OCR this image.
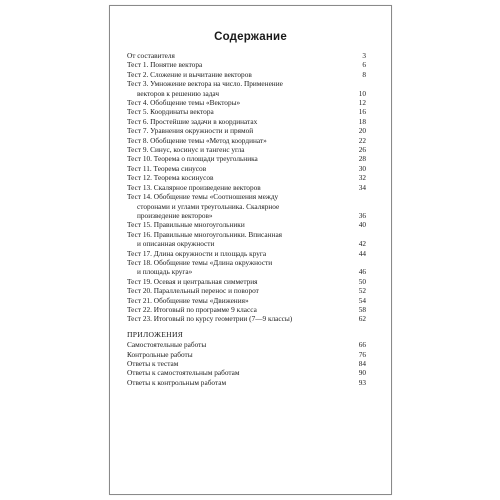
Содержание
От составителя	3
Тест 1. Понятие вектора	6
Тест 2. Сложение и вычитание векторов	8
Тест 3. Умножение вектора на число. Применение
векторов к решению задач	10
Тест 4. Обобщение темы «Векторы»	12
Тест 5. Координаты вектора	16
Тест 6. Простейшие задачи в координатах	18
Тест 7. Уравнения окружности и прямой	20
Тест 8. Обобщение темы «Метод координат»	22
Тест 9. Синус, косинус и тангенс угла	26
Тест 10. Теорема о площади треугольника	28
Тест 11. Теорема синусов	30
Тест 12. Теорема косинусов	32
Тест 13. Скалярное произведение векторов	34
Тест 14. Обобщение темы «Соотношения между
сторонами и углами треугольника. Скалярное
произведение векторов»	36
Тест 15. Правильные многоугольники	40
Тест 16. Правильные многоугольники. Вписанная
и описанная окружности	42
Тест 17. Длина окружности и площадь круга	44
Тест 18. Обобщение темы «Длина окружности
и площадь круга»	46
Тест 19. Осевая и центральная симметрия	50
Тест 20. Параллельный перенос и поворот	52
Тест 21. Обобщение темы «Движения»	54
Тест 22. Итоговый по программе 9 класса	58
Тест 23. Итоговый по курсу геометрии (7—9 классы)	62
ПРИЛОЖЕНИЯ
Самостоятельные работы	66
Контрольные работы	76
Ответы к тестам	84
Ответы к самостоятельным работам	90
Ответы к контрольным работам	93
